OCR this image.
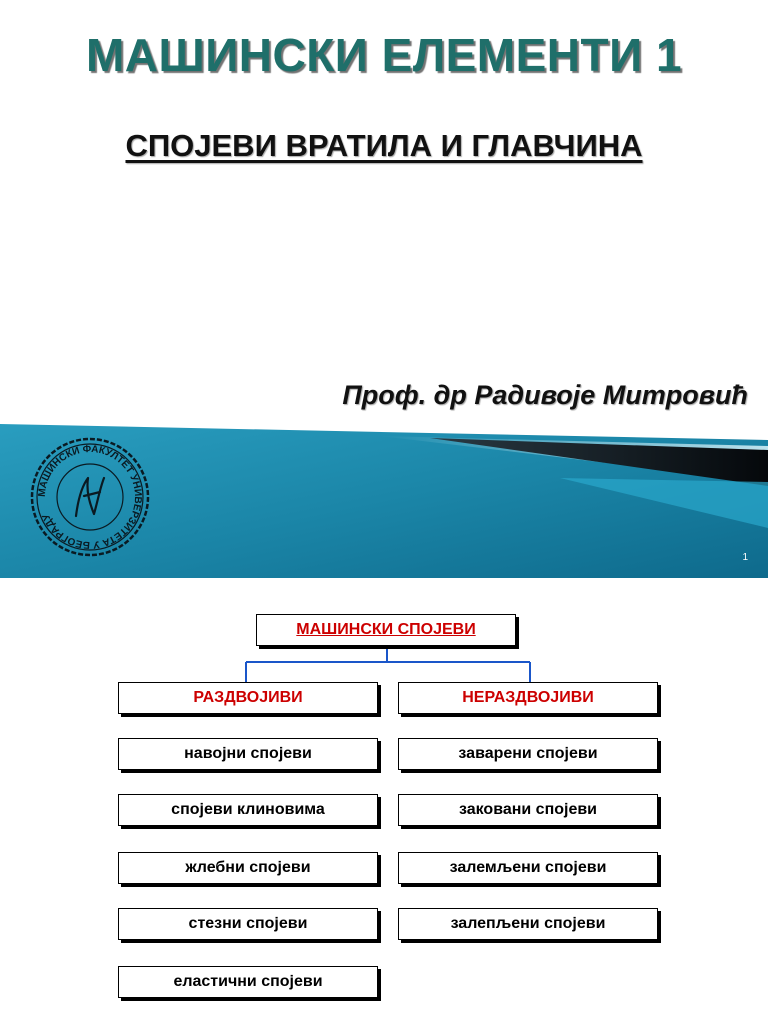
МАШИНСКИ ЕЛЕМЕНТИ 1
СПОЈЕВИ ВРАТИЛА И ГЛАВЧИНА
Проф. др Радивоје Митровић
МАШИНСКИ ФАКУЛТЕТ УНИВЕРЗИТЕТА У БЕОГРАДУ
1
МАШИНСКИ СПОЈЕВИ
РАЗДВОЈИВИ	НЕРАЗДВОЈИВИ
навојни спојеви
спојеви клиновима
жлебни спојеви
стезни спојеви
еластични спојеви
заварени спојеви
заковани спојеви
залемљени спојеви
залепљени спојеви
